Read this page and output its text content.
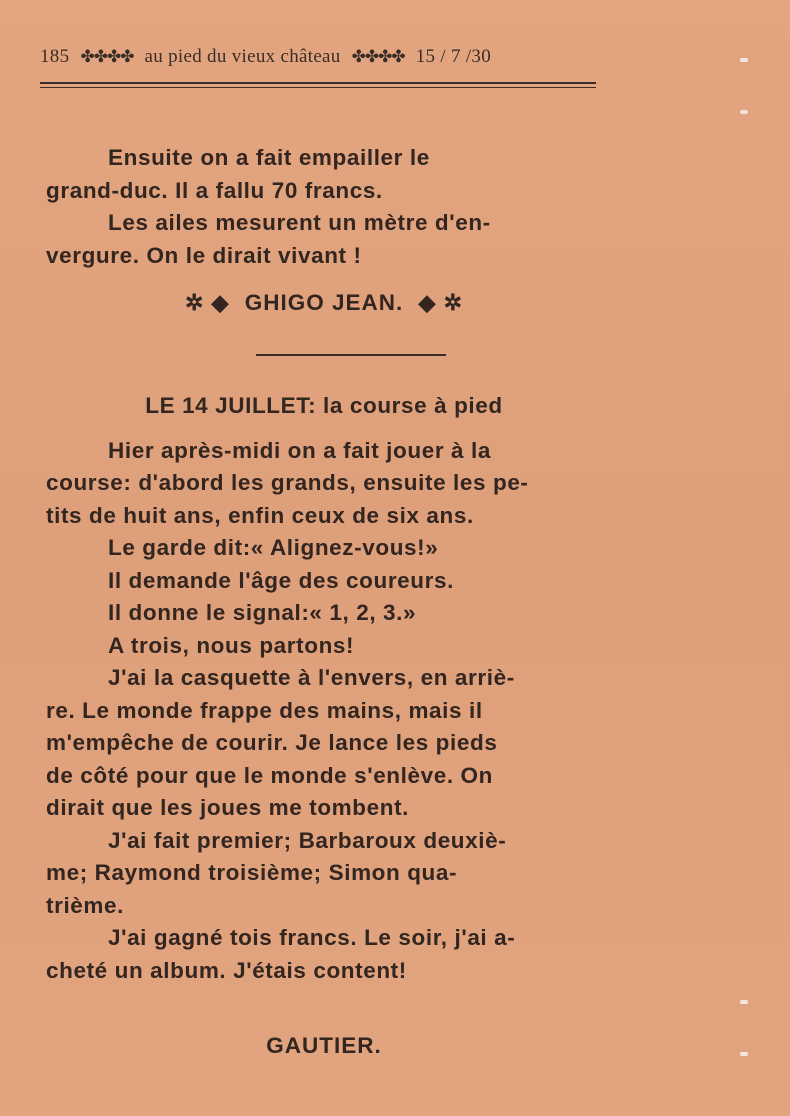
185 ✤✤✤✤ au pied du vieux château ✤✤✤✤ 15 / 7 /30

Ensuite on a fait empailler le

grand-duc. Il a fallu 70 francs.

Les ailes mesurent un mètre d'en-

vergure. On le dirait vivant !

✲ ◆ GHIGO JEAN. ◆ ✲

LE 14 JUILLET: la course à pied

Hier après-midi on a fait jouer à la

course: d'abord les grands, ensuite les pe-

tits de huit ans, enfin ceux de six ans.

Le garde dit:« Alignez-vous!»

Il demande l'âge des coureurs.

Il donne le signal:« 1, 2, 3.»

A trois, nous partons!

J'ai la casquette à l'envers, en arriè-

re. Le monde frappe des mains, mais il

m'empêche de courir. Je lance les pieds

de côté pour que le monde s'enlève. On

dirait que les joues me tombent.

J'ai fait premier; Barbaroux deuxiè-

me; Raymond troisième; Simon qua-

trième.

J'ai gagné tois francs. Le soir, j'ai a-

cheté un album. J'étais content!

GAUTIER.
